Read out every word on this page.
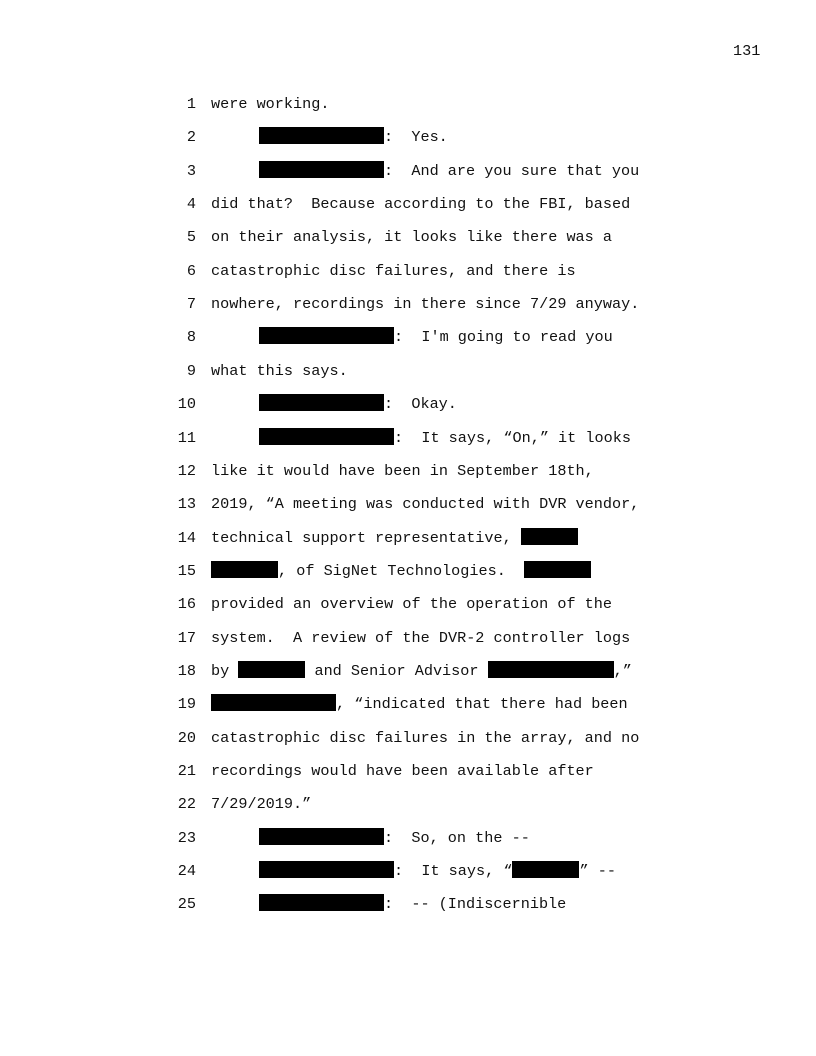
131
1 were working.
2	:  Yes.
3	:  And are you sure that you
4 did that?  Because according to the FBI, based
5 on their analysis, it looks like there was a
6 catastrophic disc failures, and there is
7 nowhere, recordings in there since 7/29 anyway.
8	:  I'm going to read you
9 what this says.
10	:  Okay.
11	:  It says, “On,” it looks
12 like it would have been in September 18th,
13 2019, “A meeting was conducted with DVR vendor,
14 technical support representative,
15	, of SigNet Technologies.
16 provided an overview of the operation of the
17 system.  A review of the DVR-2 controller logs
18 by	and Senior Advisor	,”
19	, “indicated that there had been
20 catastrophic disc failures in the array, and no
21 recordings would have been available after
22 7/29/2019.”
23	:  So, on the --
24	:  It says, “	” --
25	:  -- (Indiscernible
